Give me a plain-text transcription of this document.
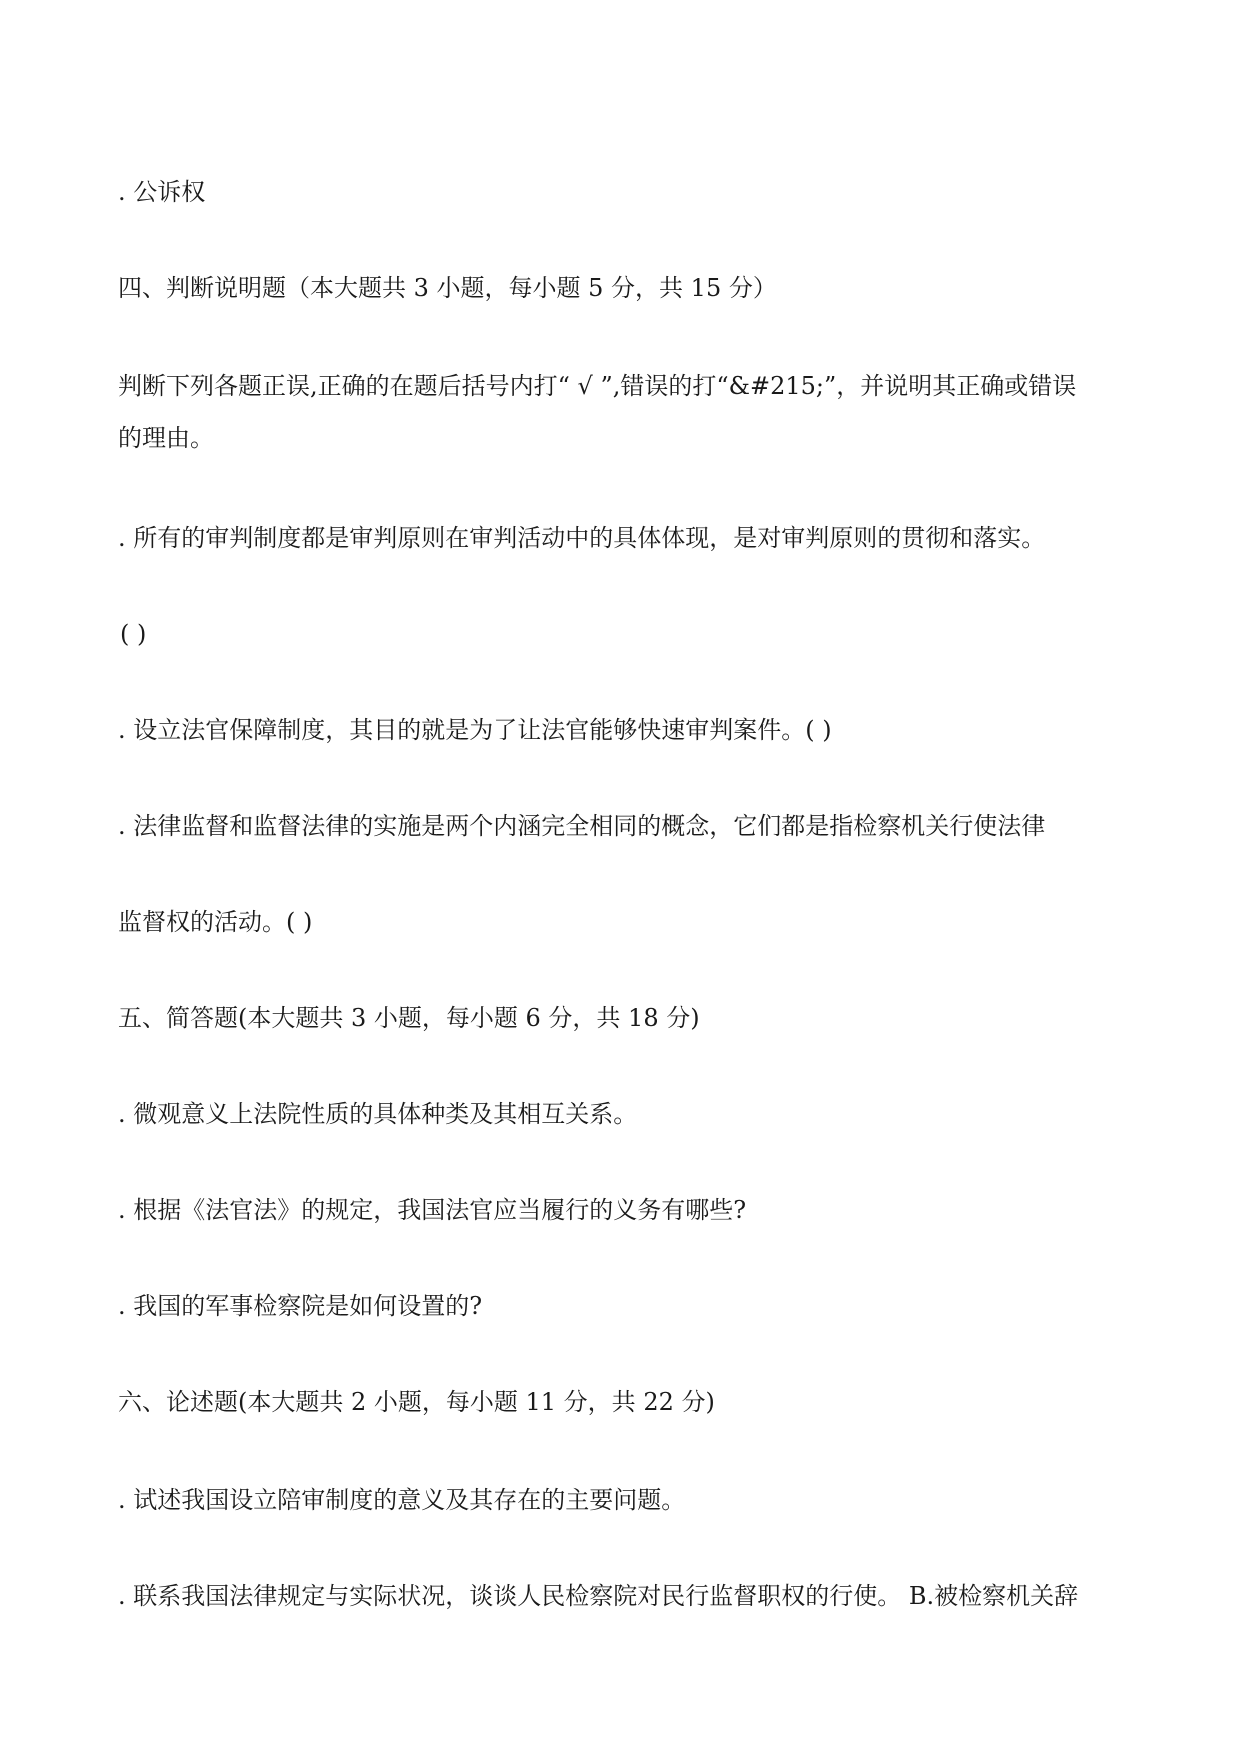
. 公诉权
四、判断说明题（本大题共 3 小题，每小题 5 分，共 15 分）
判断下列各题正误,正确的在题后括号内打“ √ ”,错误的打“&#215;”，并说明其正确或错误
的理由。
. 所有的审判制度都是审判原则在审判活动中的具体体现，是对审判原则的贯彻和落实。
( )
. 设立法官保障制度，其目的就是为了让法官能够快速审判案件。( )
. 法律监督和监督法律的实施是两个内涵完全相同的概念，它们都是指检察机关行使法律
监督权的活动。( )
五、简答题(本大题共 3 小题，每小题 6 分，共 18 分)
. 微观意义上法院性质的具体种类及其相互关系。
. 根据《法官法》的规定，我国法官应当履行的义务有哪些?
. 我国的军事检察院是如何设置的?
六、论述题(本大题共 2 小题，每小题 11 分，共 22 分)
. 试述我国设立陪审制度的意义及其存在的主要问题。
. 联系我国法律规定与实际状况，谈谈人民检察院对民行监督职权的行使。 B.被检察机关辞
